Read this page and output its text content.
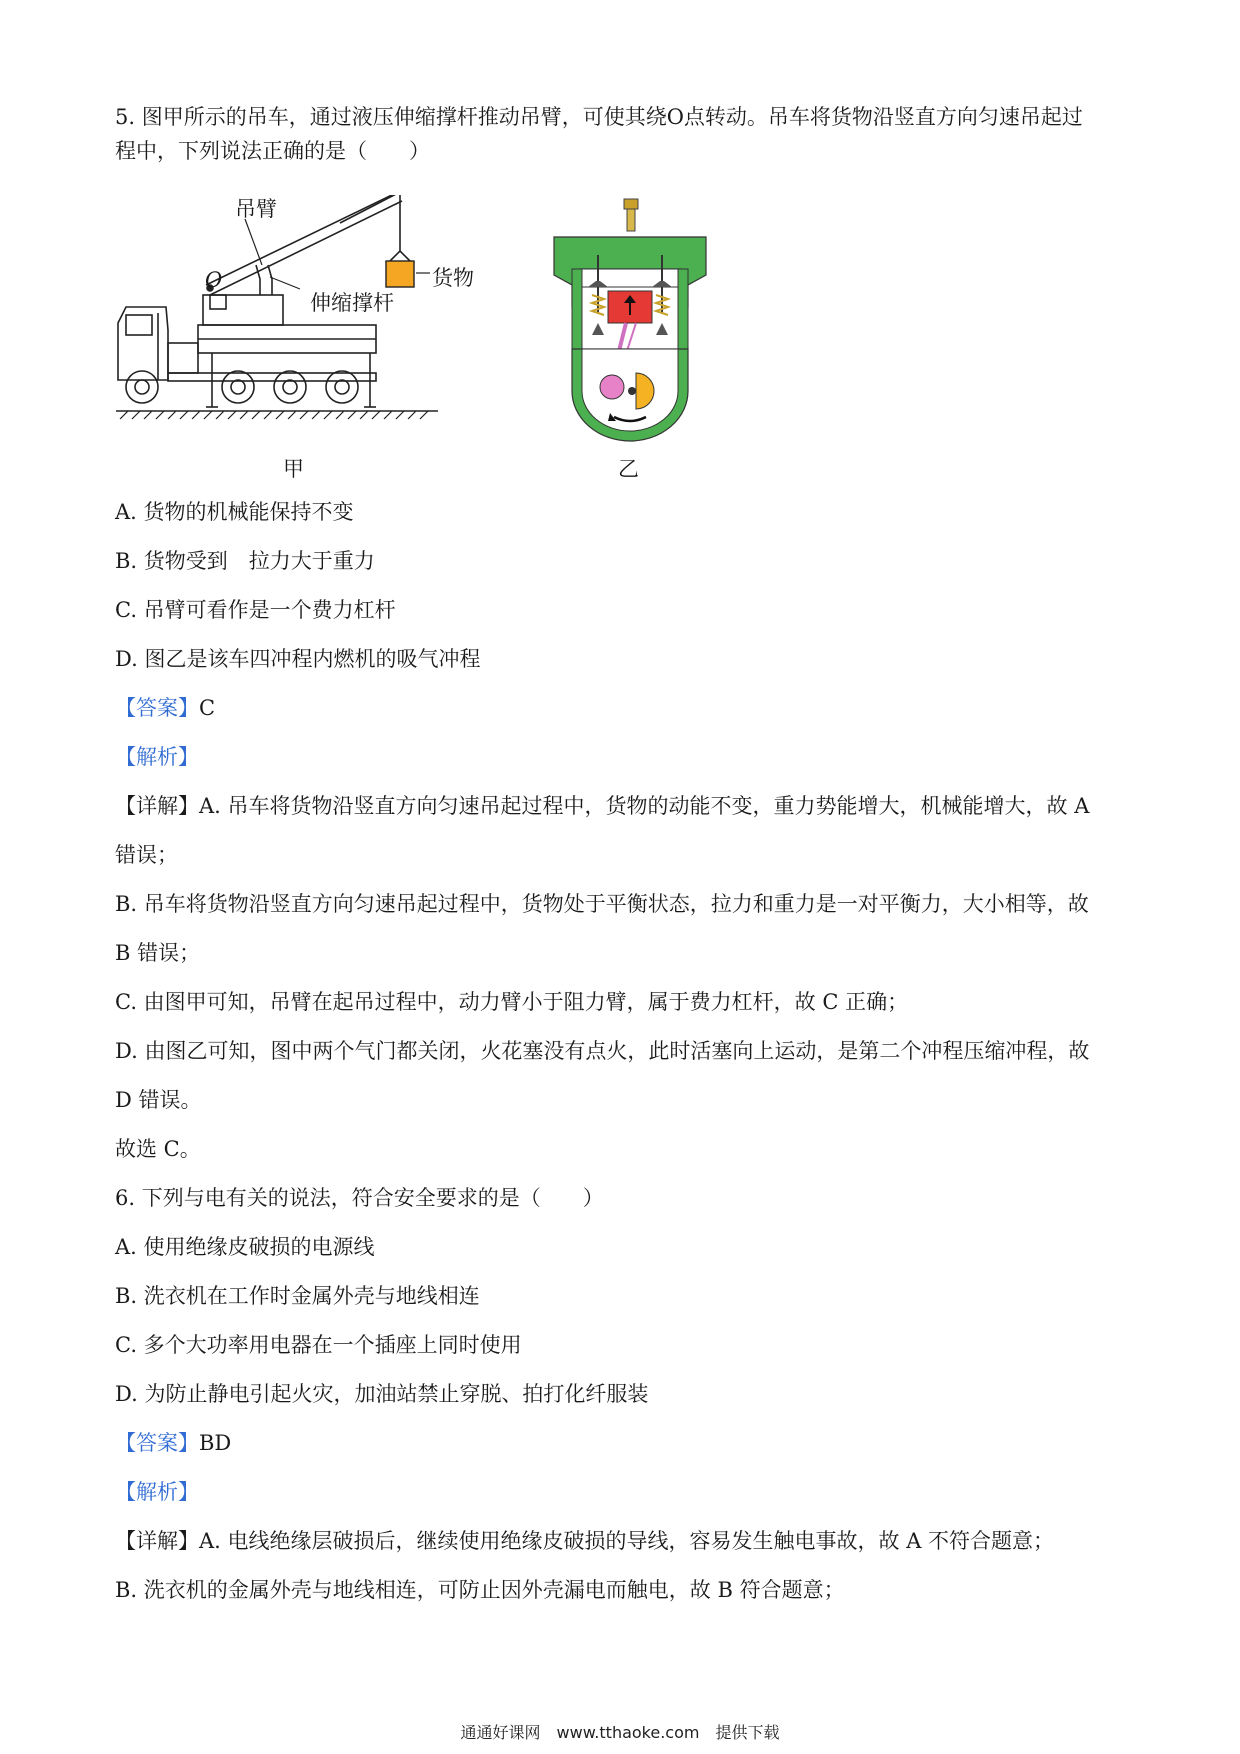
5. 图甲所示的吊车，通过液压伸缩撑杆推动吊臂，可使其绕O点转动。吊车将货物沿竖直方向匀速吊起过
程中，下列说法正确的是（　　）
吊臂
O
伸缩撑杆
货物
甲	乙
A. 货物的机械能保持不变
B. 货物受到　拉力大于重力
C. 吊臂可看作是一个费力杠杆
D. 图乙是该车四冲程内燃机的吸气冲程
【答案】C
【解析】
【详解】A. 吊车将货物沿竖直方向匀速吊起过程中，货物的动能不变，重力势能增大，机械能增大，故 A
错误；
B. 吊车将货物沿竖直方向匀速吊起过程中，货物处于平衡状态，拉力和重力是一对平衡力，大小相等，故
B 错误；
C. 由图甲可知，吊臂在起吊过程中，动力臂小于阻力臂，属于费力杠杆，故 C 正确；
D. 由图乙可知，图中两个气门都关闭，火花塞没有点火，此时活塞向上运动，是第二个冲程压缩冲程，故
D 错误。
故选 C。
6. 下列与电有关的说法，符合安全要求的是（　　）
A. 使用绝缘皮破损的电源线
B. 洗衣机在工作时金属外壳与地线相连
C. 多个大功率用电器在一个插座上同时使用
D. 为防止静电引起火灾，加油站禁止穿脱、拍打化纤服装
【答案】BD
【解析】
【详解】A. 电线绝缘层破损后，继续使用绝缘皮破损的导线，容易发生触电事故，故 A 不符合题意；
B. 洗衣机的金属外壳与地线相连，可防止因外壳漏电而触电，故 B 符合题意；
通通好课网　www.tthaoke.com　提供下载
